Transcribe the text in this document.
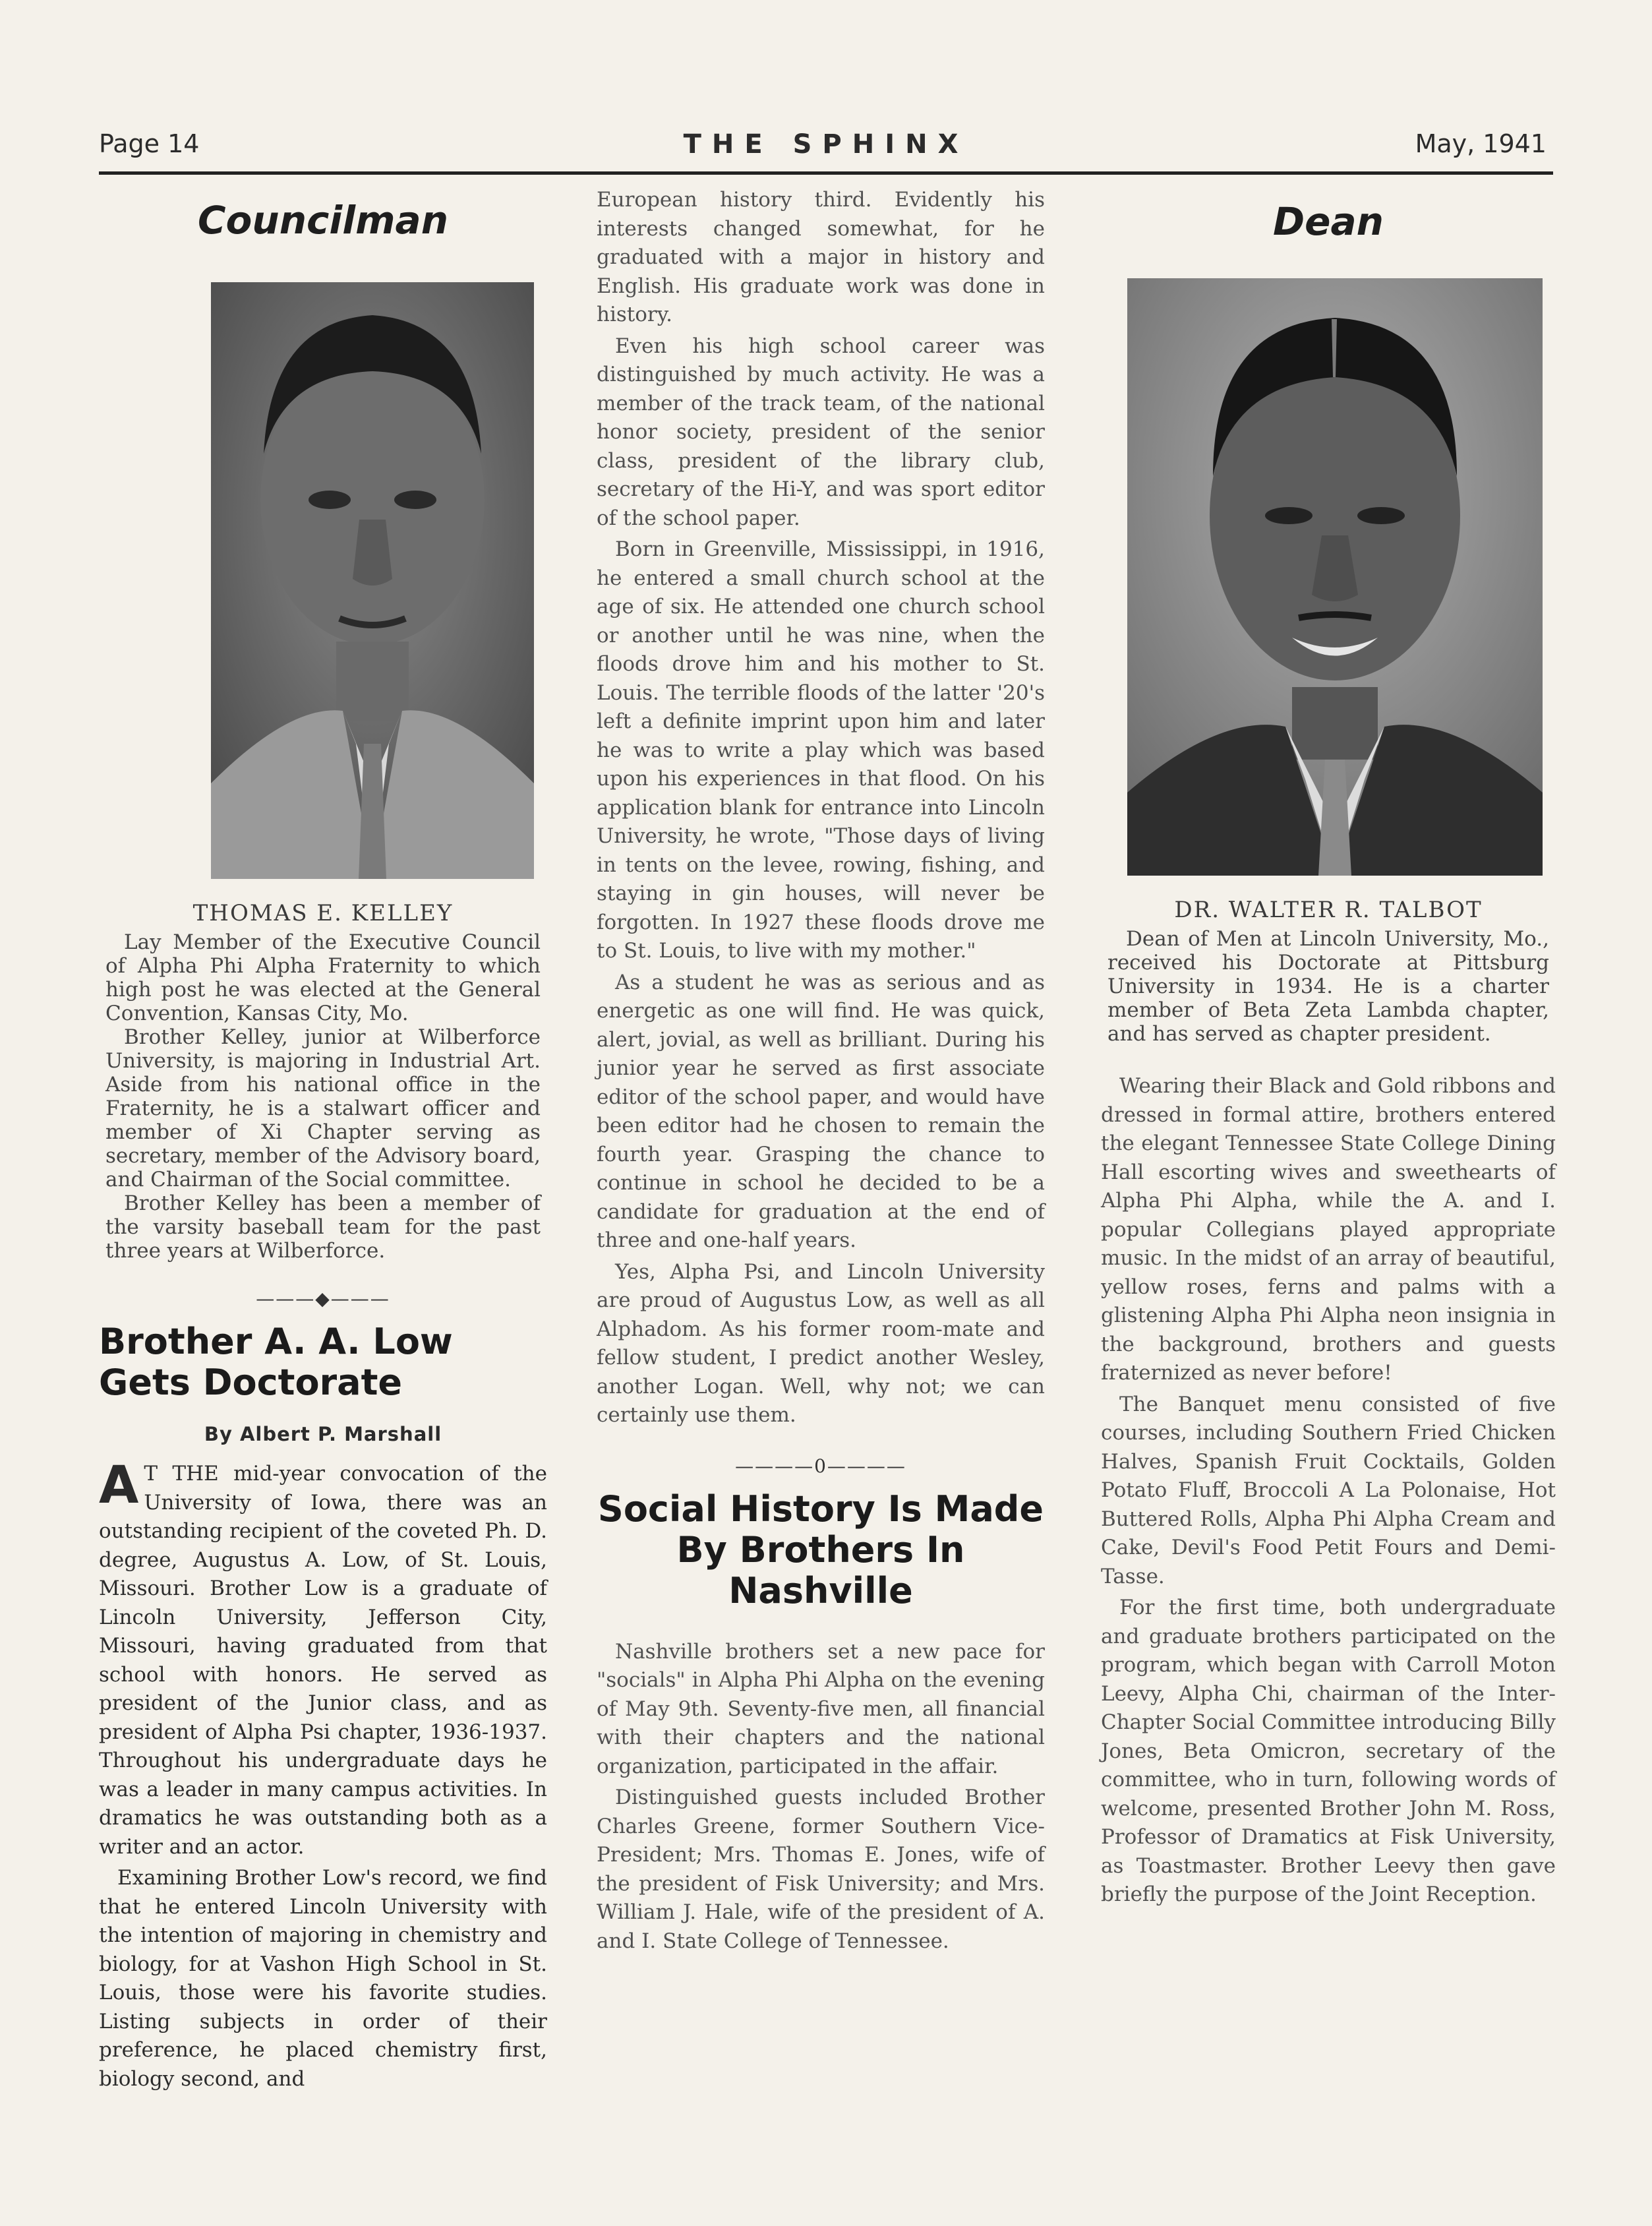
Page 14	THE SPHINX	May, 1941
Councilman
THOMAS E. KELLEY

Lay Member of the Executive Council of Alpha Phi Alpha Fraternity to which high post he was elected at the General Convention, Kansas City, Mo.

Brother Kelley, junior at Wilberforce University, is majoring in Industrial Art. Aside from his national office in the Fraternity, he is a stalwart officer and member of Xi Chapter serving as secretary, member of the Advisory board, and Chairman of the Social committee.

Brother Kelley has been a member of the varsity baseball team for the past three years at Wilberforce.

———◆———
Brother A. A. Low Gets Doctorate
By Albert P. Marshall

A T THE mid-year convocation of the University of Iowa, there was an outstanding recipient of the coveted Ph. D. degree, Augustus A. Low, of St. Louis, Missouri. Brother Low is a graduate of Lincoln University, Jefferson City, Missouri, having graduated from that school with honors. He served as president of the Junior class, and as president of Alpha Psi chapter, 1936-1937. Throughout his undergraduate days he was a leader in many campus activities. In dramatics he was outstanding both as a writer and an actor.

Examining Brother Low's record, we find that he entered Lincoln University with the intention of majoring in chemistry and biology, for at Vashon High School in St. Louis, those were his favorite studies. Listing subjects in order of their preference, he placed chemistry first, biology second, and

European history third. Evidently his interests changed somewhat, for he graduated with a major in history and English. His graduate work was done in history.

Even his high school career was distinguished by much activity. He was a member of the track team, of the national honor society, president of the senior class, president of the library club, secretary of the Hi-Y, and was sport editor of the school paper.

Born in Greenville, Mississippi, in 1916, he entered a small church school at the age of six. He attended one church school or another until he was nine, when the floods drove him and his mother to St. Louis. The terrible floods of the latter '20's left a definite imprint upon him and later he was to write a play which was based upon his experiences in that flood. On his application blank for entrance into Lincoln University, he wrote, "Those days of living in tents on the levee, rowing, fishing, and staying in gin houses, will never be forgotten. In 1927 these floods drove me to St. Louis, to live with my mother."

As a student he was as serious and as energetic as one will find. He was quick, alert, jovial, as well as brilliant. During his junior year he served as first associate editor of the school paper, and would have been editor had he chosen to remain the fourth year. Grasping the chance to continue in school he decided to be a candidate for graduation at the end of three and one-half years.

Yes, Alpha Psi, and Lincoln University are proud of Augustus Low, as well as all Alphadom. As his former room-mate and fellow student, I predict another Wesley, another Logan. Well, why not; we can certainly use them.

————0————
Social History Is Made By Brothers In Nashville

Nashville brothers set a new pace for "socials" in Alpha Phi Alpha on the evening of May 9th. Seventy-five men, all financial with their chapters and the national organization, participated in the affair.

Distinguished guests included Brother Charles Greene, former Southern Vice-President; Mrs. Thomas E. Jones, wife of the president of Fisk University; and Mrs. William J. Hale, wife of the president of A. and I. State College of Tennessee.

Dean
DR. WALTER R. TALBOT

Dean of Men at Lincoln University, Mo., received his Doctorate at Pittsburg University in 1934. He is a charter member of Beta Zeta Lambda chapter, and has served as chapter president.

Wearing their Black and Gold ribbons and dressed in formal attire, brothers entered the elegant Tennessee State College Dining Hall escorting wives and sweethearts of Alpha Phi Alpha, while the A. and I. popular Collegians played appropriate music. In the midst of an array of beautiful, yellow roses, ferns and palms with a glistening Alpha Phi Alpha neon insignia in the background, brothers and guests fraternized as never before!

The Banquet menu consisted of five courses, including Southern Fried Chicken Halves, Spanish Fruit Cocktails, Golden Potato Fluff, Broccoli A La Polonaise, Hot Buttered Rolls, Alpha Phi Alpha Cream and Cake, Devil's Food Petit Fours and Demi-Tasse.

For the first time, both undergraduate and graduate brothers participated on the program, which began with Carroll Moton Leevy, Alpha Chi, chairman of the Inter-Chapter Social Committee introducing Billy Jones, Beta Omicron, secretary of the committee, who in turn, following words of welcome, presented Brother John M. Ross, Professor of Dramatics at Fisk University, as Toastmaster. Brother Leevy then gave briefly the purpose of the Joint Reception.
